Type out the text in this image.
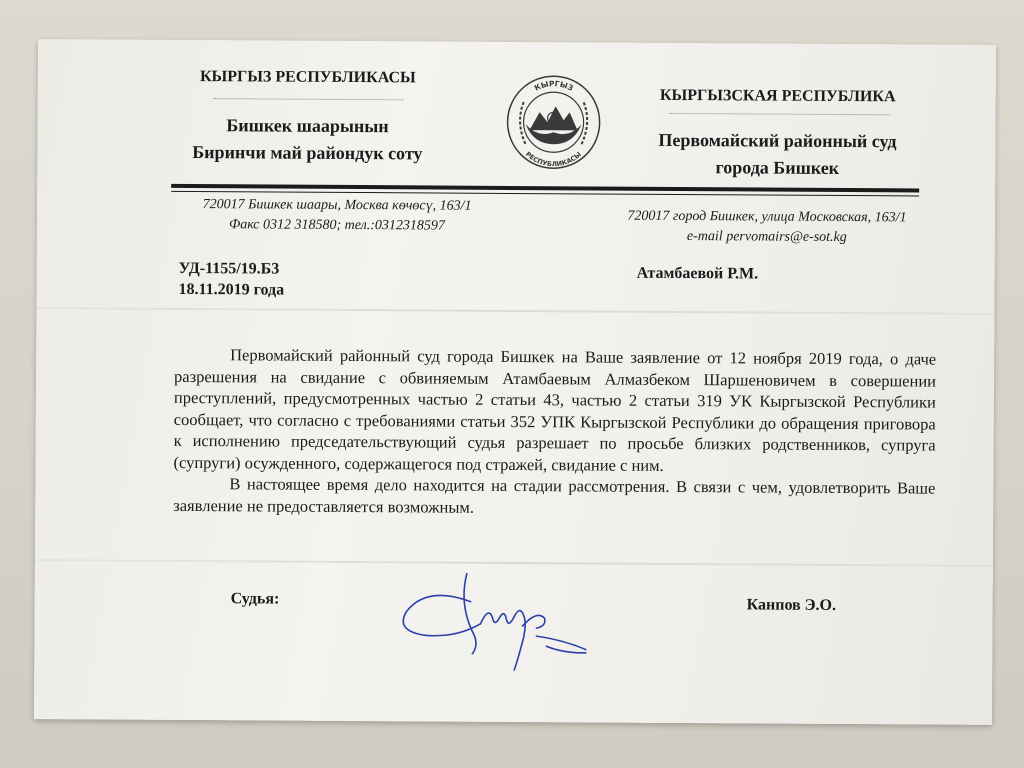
КЫРГЫЗ РЕСПУБЛИКАСЫ
Бишкек шаарынын
Биринчи май райондук соту
КЫРГЫЗ
РЕСПУБЛИКАСЫ
КЫРГЫЗСКАЯ РЕСПУБЛИКА
Первомайский районный суд
города Бишкек
720017 Бишкек шаары, Москва көчөсү, 163/1
Факс 0312 318580; тел.:0312318597
720017 город Бишкек, улица Московская, 163/1
e-mail pervomairs@e-sot.kg
УД-1155/19.Б3
18.11.2019 года
Атамбаевой Р.М.

Первомайский районный суд города Бишкек на Ваше заявление от 12 ноября 2019 года, о даче разрешения на свидание с обвиняемым Атамбаевым Алмазбеком Шаршеновичем в совершении преступлений, предусмотренных частью 2 статьи 43, частью 2 статьи 319 УК Кыргызской Республики сообщает, что согласно с требованиями статьи 352 УПК Кыргызской Республики до обращения приговора к исполнению председательствующий судья разрешает по просьбе близких родственников, супруга (супруги) осужденного, содержащегося под стражей, свидание с ним.

В настоящее время дело находится на стадии рассмотрения. В связи с чем, удовлетворить Ваше заявление не предоставляется возможным.

Судья:	Канпов Э.О.
